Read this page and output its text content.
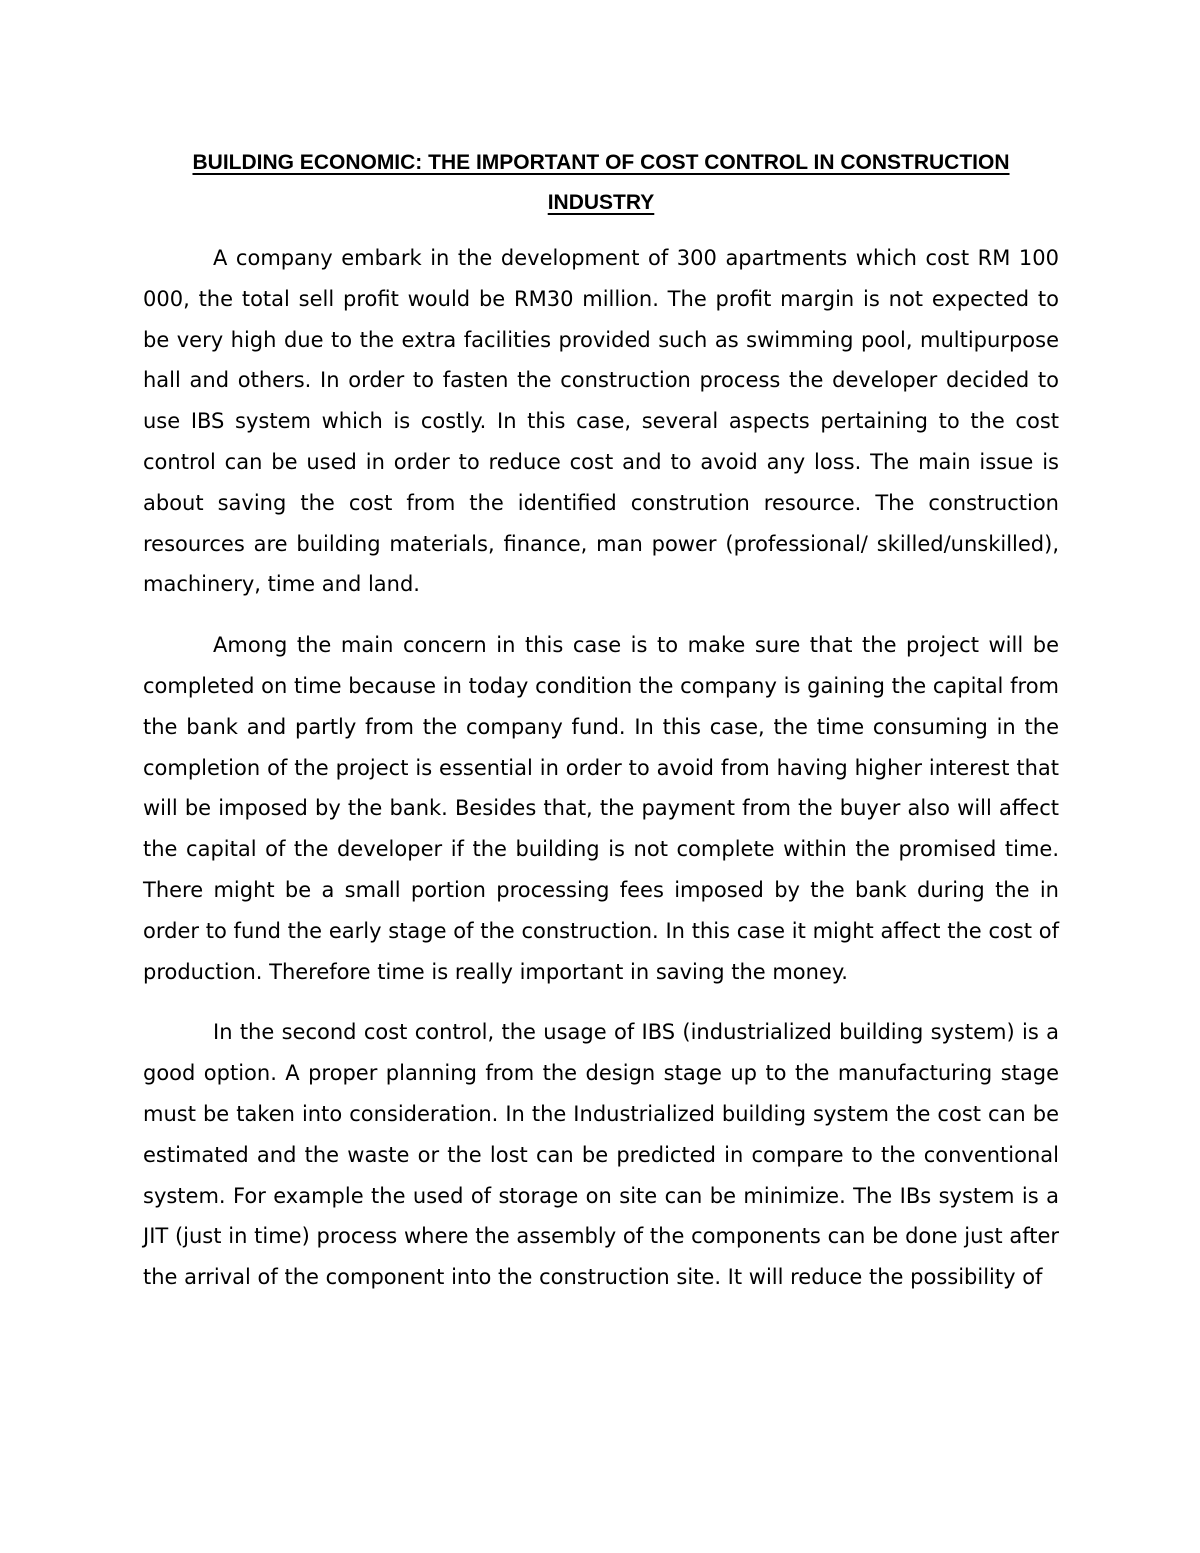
BUILDING ECONOMIC: THE IMPORTANT OF COST CONTROL IN CONSTRUCTION INDUSTRY

A company embark in the development of 300 apartments which cost RM 100 000, the total sell profit would be RM30 million. The profit margin is not expected to be very high due to the extra facilities provided such as swimming pool, multipurpose hall and others. In order to fasten the construction process the developer decided to use IBS system which is costly. In this case, several aspects pertaining to the cost control can be used in order to reduce cost and to avoid any loss. The main issue is about saving the cost from the identified constrution resource. The construction resources are building materials, finance, man power (professional/ skilled/unskilled), machinery, time and land.

Among the main concern in this case is to make sure that the project will be completed on time because in today condition the company is gaining the capital from the bank and partly from the company fund. In this case, the time consuming in the completion of the project is essential in order to avoid from having higher interest that will be imposed by the bank. Besides that, the payment from the buyer also will affect the capital of the developer if the building is not complete within the promised time. There might be a small portion processing fees imposed by the bank during the in order to fund the early stage of the construction. In this case it might affect the cost of production. Therefore time is really important in saving the money.

In the second cost control, the usage of IBS (industrialized building system) is a good option. A proper planning from the design stage up to the manufacturing stage must be taken into consideration. In the Industrialized building system the cost can be estimated and the waste or the lost can be predicted in compare to the conventional system. For example the used of storage on site can be minimize. The IBs system is a JIT (just in time) process where the assembly of the components can be done just after the arrival of the component into the construction site. It will reduce the possibility of
